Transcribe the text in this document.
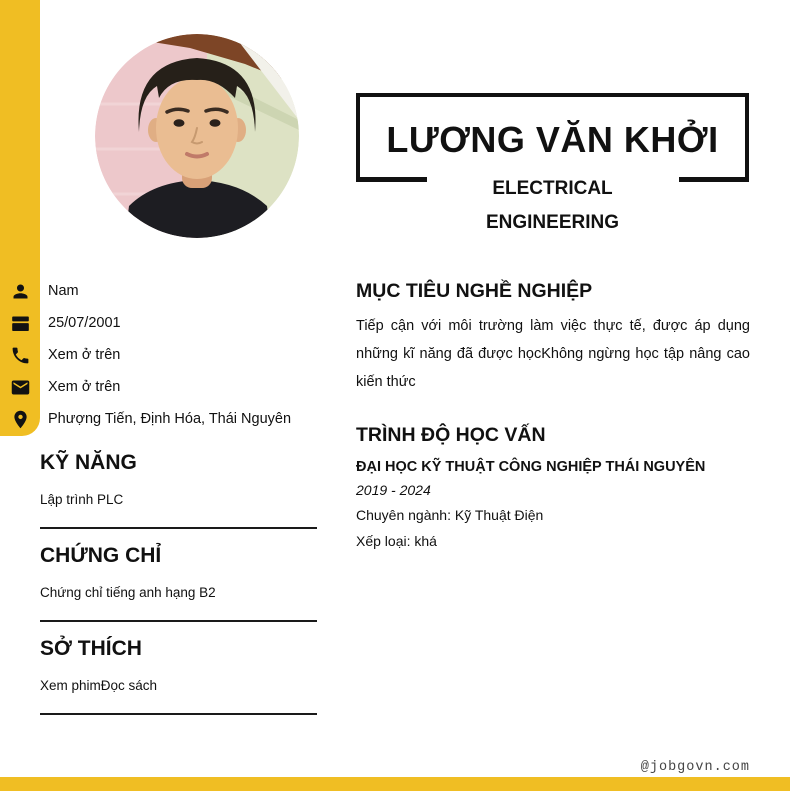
LƯƠNG VĂN KHỞI
ELECTRICAL
ENGINEERING
Nam
25/07/2001
Xem ở trên
Xem ở trên
Phượng Tiến, Định Hóa, Thái Nguyên
KỸ NĂNG

Lập trình PLC

CHỨNG CHỈ

Chứng chỉ tiếng anh hạng B2

SỞ THÍCH

Xem phimĐọc sách

MỤC TIÊU NGHỀ NGHIỆP

Tiếp cận với môi trường làm việc thực tế, được áp dụng những kĩ năng đã được họcKhông ngừng học tập nâng cao kiến thức

TRÌNH ĐỘ HỌC VẤN
ĐẠI HỌC KỸ THUẬT CÔNG NGHIỆP THÁI NGUYÊN
2019 - 2024
Chuyên ngành: Kỹ Thuật Điện
Xếp loại: khá
@jobgovn.com
